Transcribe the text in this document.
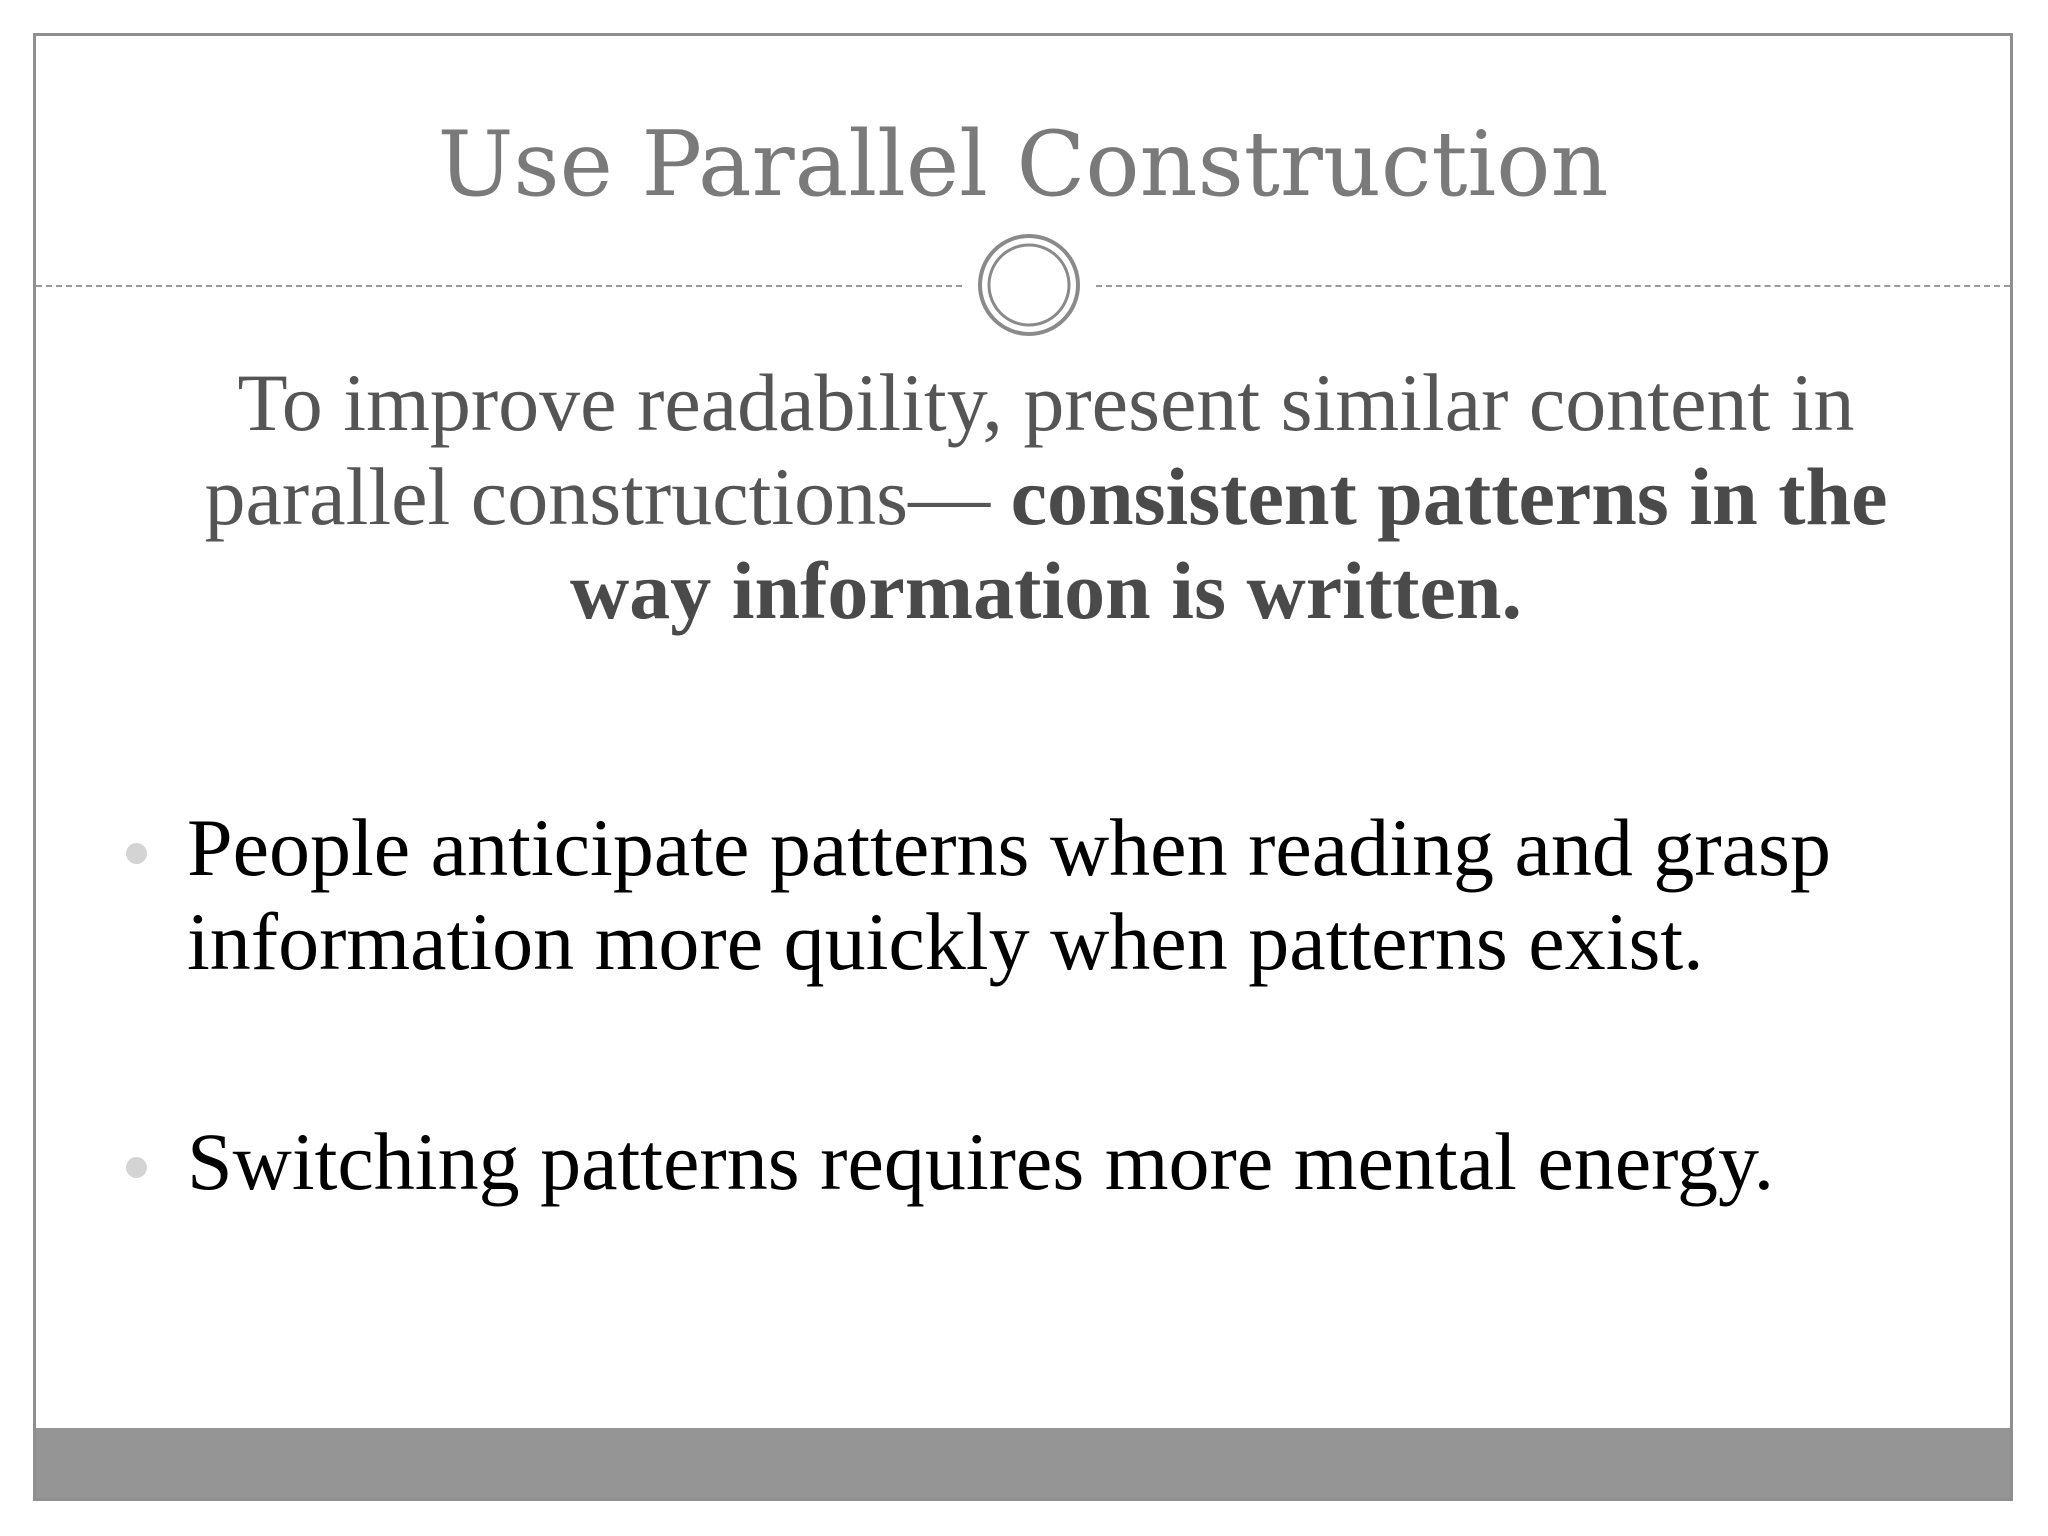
Use Parallel Construction
To improve readability, present similar content in parallel constructions— consistent patterns in the way information is written.
People anticipate patterns when reading and grasp information more quickly when patterns exist.
Switching patterns requires more mental energy.
